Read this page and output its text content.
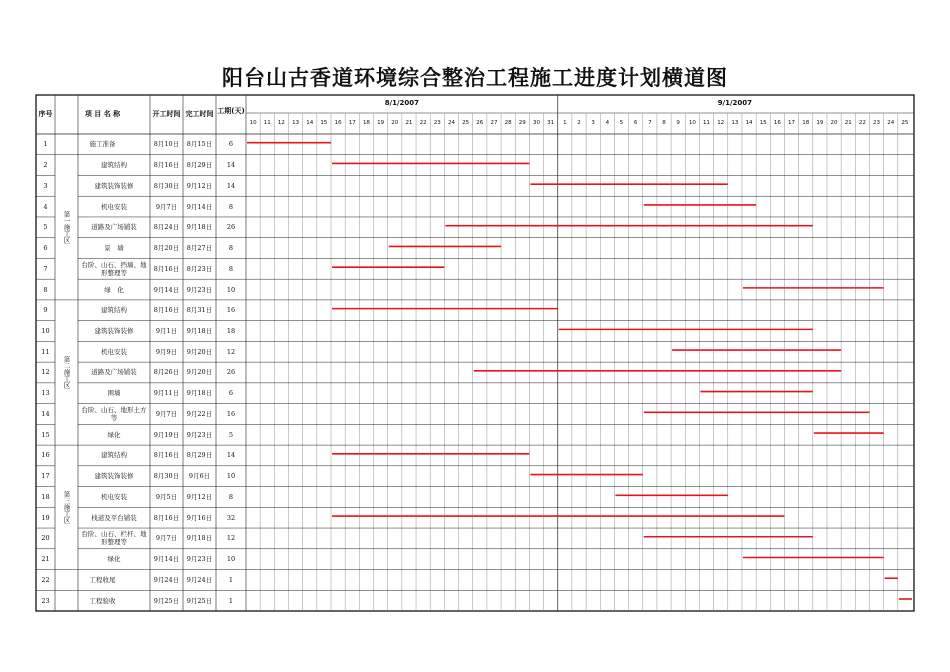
阳台山古香道环境综合整治工程施工进度计划横道图
序号	项 目 名 称	开工时间 完工时间 工期(天)
8/1/2007	9/1/2007
10	11	12	13	14	15	16	17	18	19	20	21	22	23	24	25	26	27	28	29	30	31	1	2	3	4	5	6	7	8	9	10	11	12	13	14	15	16	17	18	19	20	21	22	23	24	25
第一施工区
第二施工区
第三施工区
1	施工准备	8月10日	8月15日	6
2	建筑结构	8月16日	8月29日	14
3	建筑装饰装修	8月30日	9月12日	14
4	机电安装	9月7日	9月14日	8
5	道路及广场铺装	8月24日	9月18日	26
6	景　墙	8月20日	8月27日	8
7	台阶、山石、挡墙、地形整理等	8月16日	8月23日	8
8	绿　化	9月14日	9月23日	10
9	建筑结构	8月16日	8月31日	16
10	建筑装饰装修	9月1日	9月18日	18
11	机电安装	9月9日	9月20日	12
12	道路及广场铺装	8月26日	9月20日	26
13	围墙	9月11日	9月18日	6
14	台阶、山石、地形土方等	9月7日	9月22日	16
15	绿化	9月19日	9月23日	5
16	建筑结构	8月16日	8月29日	14
17	建筑装饰装修	8月30日	9月6日	10
18	机电安装	9月5日	9月12日	8
19	栈道及平台铺装	8月16日	9月16日	32
20	台阶、山石、栏杆、地形整理等	9月7日	9月18日	12
21	绿化	9月14日	9月23日	10
22	工程收尾	9月24日	9月24日	1
23	工程验收	9月25日	9月25日	1
